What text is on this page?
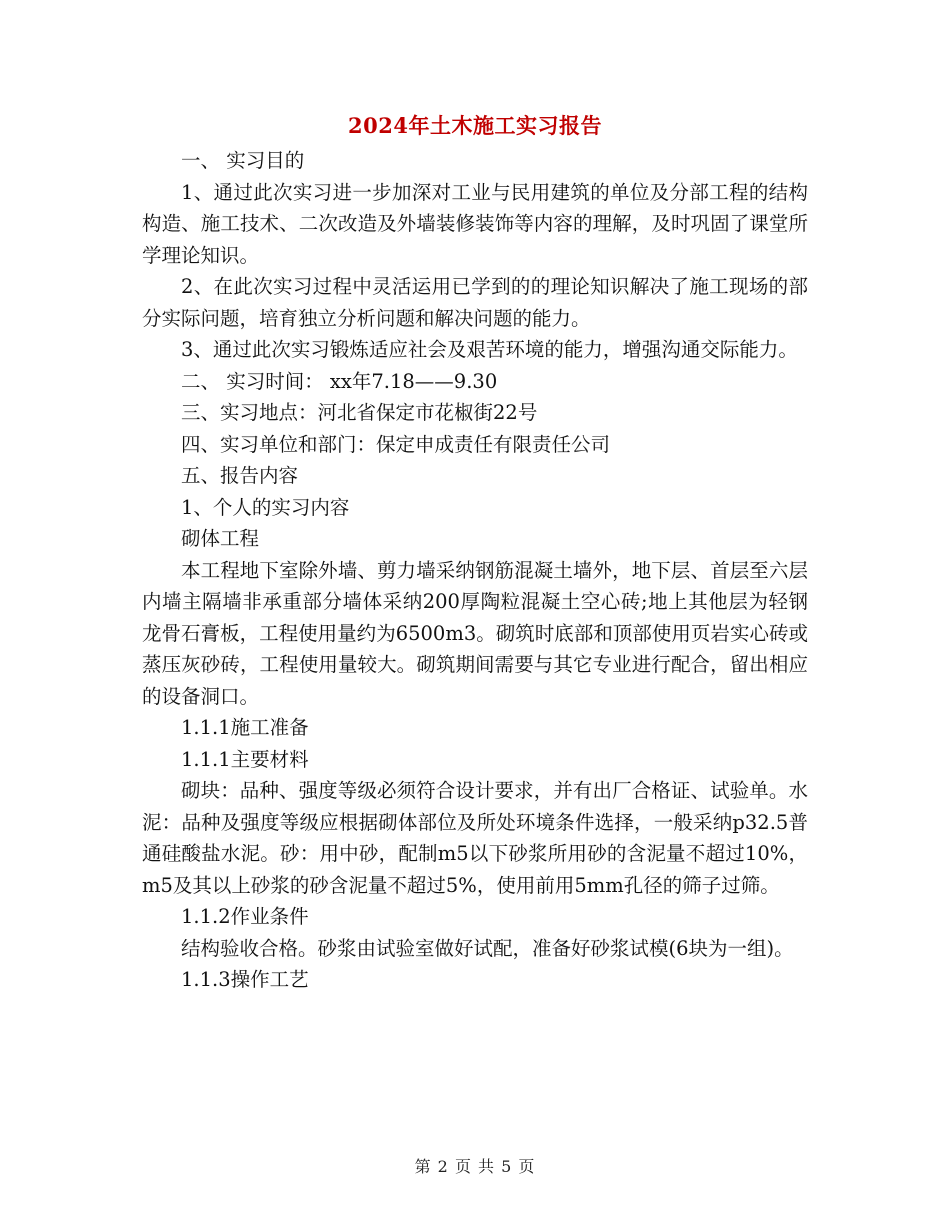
2024年土木施工实习报告

一、 实习目的

1、通过此次实习进一步加深对工业与民用建筑的单位及分部工程的结构构造、施工技术、二次改造及外墙装修装饰等内容的理解，及时巩固了课堂所学理论知识。

2、在此次实习过程中灵活运用已学到的的理论知识解决了施工现场的部分实际问题，培育独立分析问题和解决问题的能力。

3、通过此次实习锻炼适应社会及艰苦环境的能力，增强沟通交际能力。

二、 实习时间： xx年7.18——9.30

三、实习地点：河北省保定市花椒街22号

四、实习单位和部门：保定申成责任有限责任公司

五、报告内容

1、个人的实习内容

砌体工程

本工程地下室除外墙、剪力墙采纳钢筋混凝土墙外，地下层、首层至六层内墙主隔墙非承重部分墙体采纳200厚陶粒混凝土空心砖;地上其他层为轻钢龙骨石膏板，工程使用量约为6500m3。砌筑时底部和顶部使用页岩实心砖或蒸压灰砂砖，工程使用量较大。砌筑期间需要与其它专业进行配合，留出相应的设备洞口。

1.1.1施工准备

1.1.1主要材料

砌块：品种、强度等级必须符合设计要求，并有出厂合格证、试验单。水泥：品种及强度等级应根据砌体部位及所处环境条件选择，一般采纳p32.5普通硅酸盐水泥。砂：用中砂，配制m5以下砂浆所用砂的含泥量不超过10%，m5及其以上砂浆的砂含泥量不超过5%，使用前用5mm孔径的筛子过筛。

1.1.2作业条件

结构验收合格。砂浆由试验室做好试配，准备好砂浆试模(6块为一组)。

1.1.3操作工艺

第 2 页 共 5 页
